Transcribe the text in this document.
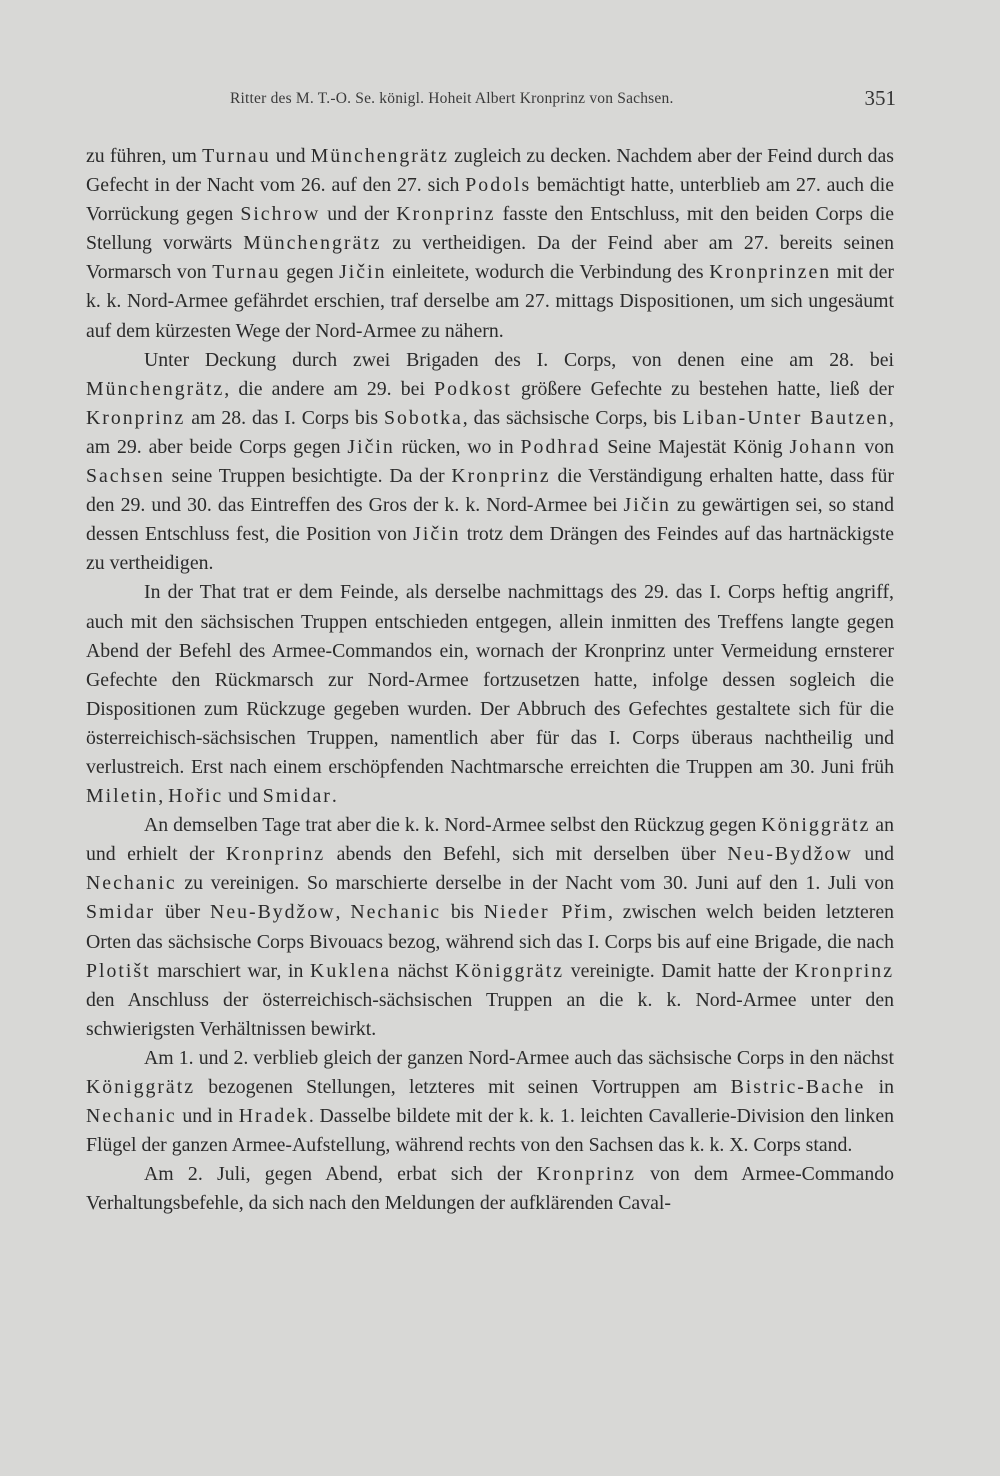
Ritter des M. T.-O. Se. königl. Hoheit Albert Kronprinz von Sachsen.	351

zu führen, um Turnau und Münchengrätz zugleich zu decken. Nachdem aber der Feind durch das Gefecht in der Nacht vom 26. auf den 27. sich Podols bemächtigt hatte, unterblieb am 27. auch die Vorrückung gegen Sichrow und der Kronprinz fasste den Entschluss, mit den beiden Corps die Stellung vorwärts Münchengrätz zu vertheidigen. Da der Feind aber am 27. bereits seinen Vormarsch von Turnau gegen Jičin einleitete, wodurch die Verbindung des Kronprinzen mit der k. k. Nord-Armee gefährdet erschien, traf derselbe am 27. mittags Dispositionen, um sich ungesäumt auf dem kürzesten Wege der Nord-Armee zu nähern.

Unter Deckung durch zwei Brigaden des I. Corps, von denen eine am 28. bei Münchengrätz, die andere am 29. bei Podkost größere Gefechte zu bestehen hatte, ließ der Kronprinz am 28. das I. Corps bis Sobotka, das sächsische Corps, bis Liban-Unter Bautzen, am 29. aber beide Corps gegen Jičin rücken, wo in Podhrad Seine Majestät König Johann von Sachsen seine Truppen besichtigte. Da der Kronprinz die Verständigung erhalten hatte, dass für den 29. und 30. das Eintreffen des Gros der k. k. Nord-Armee bei Jičin zu gewärtigen sei, so stand dessen Entschluss fest, die Position von Jičin trotz dem Drängen des Feindes auf das hartnäckigste zu vertheidigen.

In der That trat er dem Feinde, als derselbe nachmittags des 29. das I. Corps heftig angriff, auch mit den sächsischen Truppen entschieden entgegen, allein inmitten des Treffens langte gegen Abend der Befehl des Armee-Commandos ein, wornach der Kronprinz unter Vermeidung ernsterer Gefechte den Rückmarsch zur Nord-Armee fortzusetzen hatte, infolge dessen sogleich die Dispositionen zum Rückzuge gegeben wurden. Der Abbruch des Gefechtes gestaltete sich für die österreichisch-sächsischen Truppen, namentlich aber für das I. Corps überaus nachtheilig und verlustreich. Erst nach einem erschöpfenden Nachtmarsche erreichten die Truppen am 30. Juni früh Miletin, Hořic und Smidar.

An demselben Tage trat aber die k. k. Nord-Armee selbst den Rückzug gegen Königgrätz an und erhielt der Kronprinz abends den Befehl, sich mit derselben über Neu-Bydžow und Nechanic zu vereinigen. So marschierte derselbe in der Nacht vom 30. Juni auf den 1. Juli von Smidar über Neu-Bydžow, Nechanic bis Nieder Přim, zwischen welch beiden letzteren Orten das sächsische Corps Bivouacs bezog, während sich das I. Corps bis auf eine Brigade, die nach Plotišt marschiert war, in Kuklena nächst Königgrätz vereinigte. Damit hatte der Kronprinz den Anschluss der österreichisch-sächsischen Truppen an die k. k. Nord-Armee unter den schwierigsten Verhältnissen bewirkt.

Am 1. und 2. verblieb gleich der ganzen Nord-Armee auch das sächsische Corps in den nächst Königgrätz bezogenen Stellungen, letzteres mit seinen Vortruppen am Bistric-Bache in Nechanic und in Hradek. Dasselbe bildete mit der k. k. 1. leichten Cavallerie-Division den linken Flügel der ganzen Armee-Aufstellung, während rechts von den Sachsen das k. k. X. Corps stand.

Am 2. Juli, gegen Abend, erbat sich der Kronprinz von dem Armee-Commando Verhaltungsbefehle, da sich nach den Meldungen der aufklärenden Caval-
